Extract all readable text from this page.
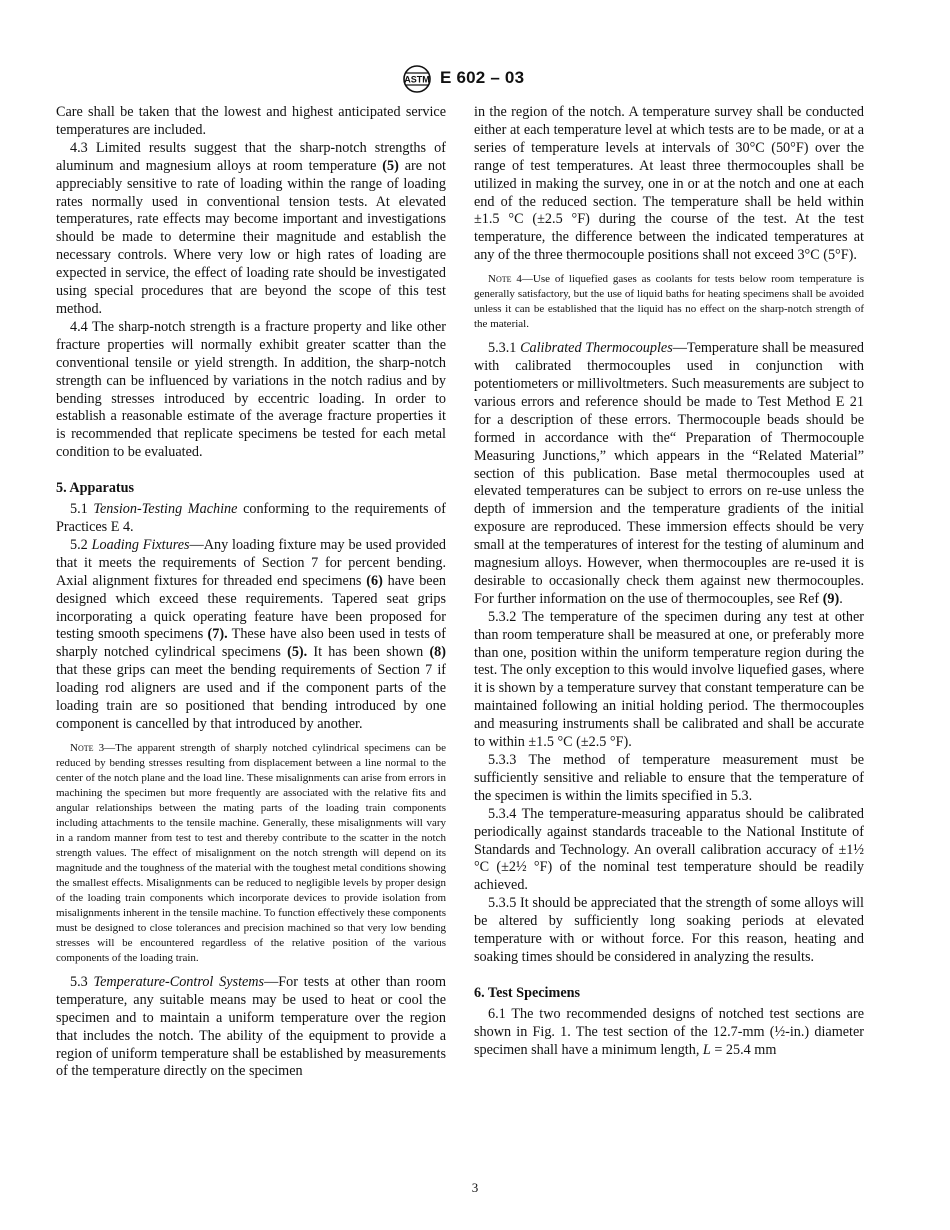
ASTM E 602 – 03

Care shall be taken that the lowest and highest anticipated service temperatures are included.

4.3 Limited results suggest that the sharp-notch strengths of aluminum and magnesium alloys at room temperature (5) are not appreciably sensitive to rate of loading within the range of loading rates normally used in conventional tension tests. At elevated temperatures, rate effects may become important and investigations should be made to determine their magnitude and establish the necessary controls. Where very low or high rates of loading are expected in service, the effect of loading rate should be investigated using special procedures that are beyond the scope of this test method.

4.4 The sharp-notch strength is a fracture property and like other fracture properties will normally exhibit greater scatter than the conventional tensile or yield strength. In addition, the sharp-notch strength can be influenced by variations in the notch radius and by bending stresses introduced by eccentric loading. In order to establish a reasonable estimate of the average fracture properties it is recommended that replicate specimens be tested for each metal condition to be evaluated.

5. Apparatus

5.1 Tension-Testing Machine conforming to the requirements of Practices E 4.

5.2 Loading Fixtures—Any loading fixture may be used provided that it meets the requirements of Section 7 for percent bending. Axial alignment fixtures for threaded end specimens (6) have been designed which exceed these requirements. Tapered seat grips incorporating a quick operating feature have been proposed for testing smooth specimens (7). These have also been used in tests of sharply notched cylindrical specimens (5). It has been shown (8) that these grips can meet the bending requirements of Section 7 if loading rod aligners are used and if the component parts of the loading train are so positioned that bending introduced by one component is cancelled by that introduced by another.

Note 3—The apparent strength of sharply notched cylindrical specimens can be reduced by bending stresses resulting from displacement between a line normal to the center of the notch plane and the load line. These misalignments can arise from errors in machining the specimen but more frequently are associated with the relative fits and angular relationships between the mating parts of the loading train components including attachments to the tensile machine. Generally, these misalignments will vary in a random manner from test to test and thereby contribute to the scatter in the notch strength values. The effect of misalignment on the notch strength will depend on its magnitude and the toughness of the material with the toughest metal conditions showing the smallest effects. Misalignments can be reduced to negligible levels by proper design of the loading train components which incorporate devices to provide isolation from misalignments inherent in the tensile machine. To function effectively these components must be designed to close tolerances and precision machined so that very low bending stresses will be encountered regardless of the relative position of the various components of the loading train.

5.3 Temperature-Control Systems—For tests at other than room temperature, any suitable means may be used to heat or cool the specimen and to maintain a uniform temperature over the region that includes the notch. The ability of the equipment to provide a region of uniform temperature shall be established by measurements of the temperature directly on the specimen

in the region of the notch. A temperature survey shall be conducted either at each temperature level at which tests are to be made, or at a series of temperature levels at intervals of 30°C (50°F) over the range of test temperatures. At least three thermocouples shall be utilized in making the survey, one in or at the notch and one at each end of the reduced section. The temperature shall be held within ±1.5 °C (±2.5 °F) during the course of the test. At the test temperature, the difference between the indicated temperatures at any of the three thermocouple positions shall not exceed 3°C (5°F).

Note 4—Use of liquefied gases as coolants for tests below room temperature is generally satisfactory, but the use of liquid baths for heating specimens shall be avoided unless it can be established that the liquid has no effect on the sharp-notch strength of the material.

5.3.1 Calibrated Thermocouples—Temperature shall be measured with calibrated thermocouples used in conjunction with potentiometers or millivoltmeters. Such measurements are subject to various errors and reference should be made to Test Method E 21 for a description of these errors. Thermocouple beads should be formed in accordance with the“ Preparation of Thermocouple Measuring Junctions,” which appears in the “Related Material” section of this publication. Base metal thermocouples used at elevated temperatures can be subject to errors on re-use unless the depth of immersion and the temperature gradients of the initial exposure are reproduced. These immersion effects should be very small at the temperatures of interest for the testing of aluminum and magnesium alloys. However, when thermocouples are re-used it is desirable to occasionally check them against new thermocouples. For further information on the use of thermocouples, see Ref (9).

5.3.2 The temperature of the specimen during any test at other than room temperature shall be measured at one, or preferably more than one, position within the uniform temperature region during the test. The only exception to this would involve liquefied gases, where it is shown by a temperature survey that constant temperature can be maintained following an initial holding period. The thermocouples and measuring instruments shall be calibrated and shall be accurate to within ±1.5 °C (±2.5 °F).

5.3.3 The method of temperature measurement must be sufficiently sensitive and reliable to ensure that the temperature of the specimen is within the limits specified in 5.3.

5.3.4 The temperature-measuring apparatus should be calibrated periodically against standards traceable to the National Institute of Standards and Technology. An overall calibration accuracy of ±1½ °C (±2½ °F) of the nominal test temperature should be readily achieved.

5.3.5 It should be appreciated that the strength of some alloys will be altered by sufficiently long soaking periods at elevated temperature with or without force. For this reason, heating and soaking times should be considered in analyzing the results.

6. Test Specimens

6.1 The two recommended designs of notched test sections are shown in Fig. 1. The test section of the 12.7-mm (½-in.) diameter specimen shall have a minimum length, L = 25.4 mm

3
